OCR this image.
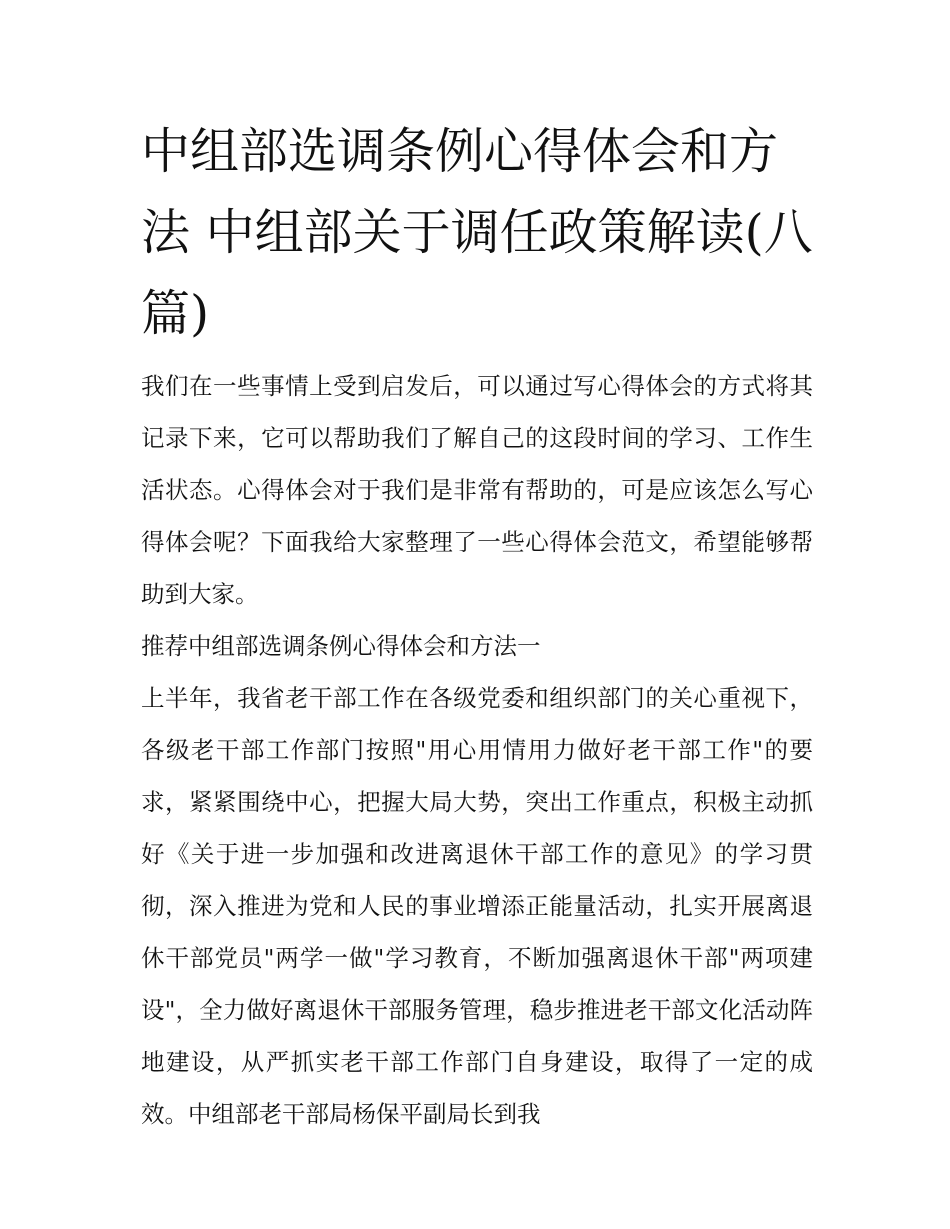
中组部选调条例心得体会和方法 中组部关于调任政策解读(八篇)

我们在一些事情上受到启发后，可以通过写心得体会的方式将其记录下来，它可以帮助我们了解自己的这段时间的学习、工作生活状态。心得体会对于我们是非常有帮助的，可是应该怎么写心得体会呢？下面我给大家整理了一些心得体会范文，希望能够帮助到大家。

推荐中组部选调条例心得体会和方法一

上半年，我省老干部工作在各级党委和组织部门的关心重视下，各级老干部工作部门按照"用心用情用力做好老干部工作"的要求，紧紧围绕中心，把握大局大势，突出工作重点，积极主动抓好《关于进一步加强和改进离退休干部工作的意见》的学习贯彻，深入推进为党和人民的事业增添正能量活动，扎实开展离退休干部党员"两学一做"学习教育，不断加强离退休干部"两项建设"，全力做好离退休干部服务管理，稳步推进老干部文化活动阵地建设，从严抓实老干部工作部门自身建设，取得了一定的成效。中组部老干部局杨保平副局长到我
